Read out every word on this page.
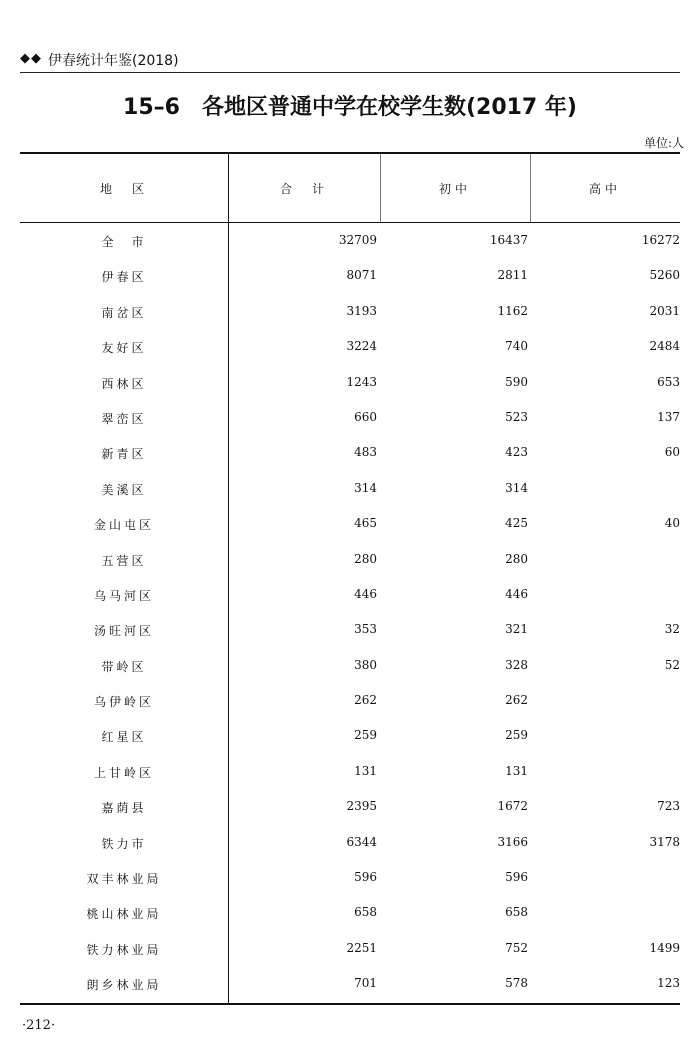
◆◆ 伊春统计年鉴(2018)
15–6　各地区普通中学在校学生数(2017 年)
单位:人
地　区	合　计	初中	高中
全　市	32709	16437	16272
伊春区	8071	2811	5260
南岔区	3193	1162	2031
友好区	3224	740	2484
西林区	1243	590	653
翠峦区	660	523	137
新青区	483	423	60
美溪区	314	314
金山屯区	465	425	40
五营区	280	280
乌马河区	446	446
汤旺河区	353	321	32
带岭区	380	328	52
乌伊岭区	262	262
红星区	259	259
上甘岭区	131	131
嘉荫县	2395	1672	723
铁力市	6344	3166	3178
双丰林业局	596	596
桃山林业局	658	658
铁力林业局	2251	752	1499
朗乡林业局	701	578	123
·212·
